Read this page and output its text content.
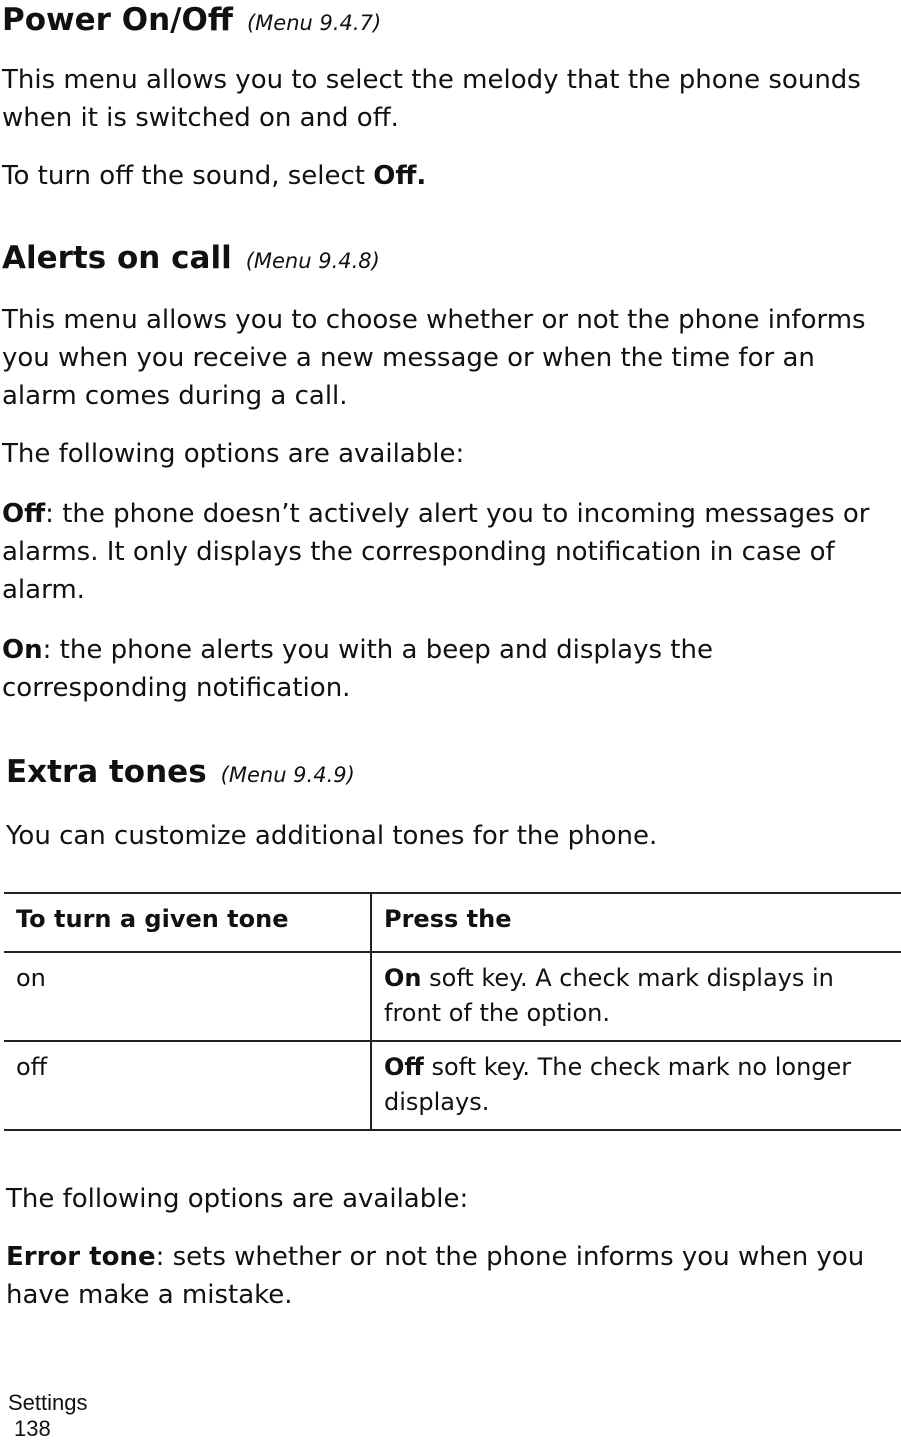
Power On/Off (Menu 9.4.7)

This menu allows you to select the melody that the phone sounds when it is switched on and off.

To turn off the sound, select Off.

Alerts on call (Menu 9.4.8)

This menu allows you to choose whether or not the phone informs you when you receive a new message or when the time for an alarm comes during a call.

The following options are available:

Off: the phone doesn’t actively alert you to incoming messages or alarms. It only displays the corresponding notification in case of alarm.

On: the phone alerts you with a beep and displays the corresponding notification.

Extra tones (Menu 9.4.9)

You can customize additional tones for the phone.

To turn a given tone	Press the
on	On soft key. A check mark displays in front of the option.
off	Off soft key. The check mark no longer displays.

The following options are available:

Error tone: sets whether or not the phone informs you when you have make a mistake.

Settings
138
